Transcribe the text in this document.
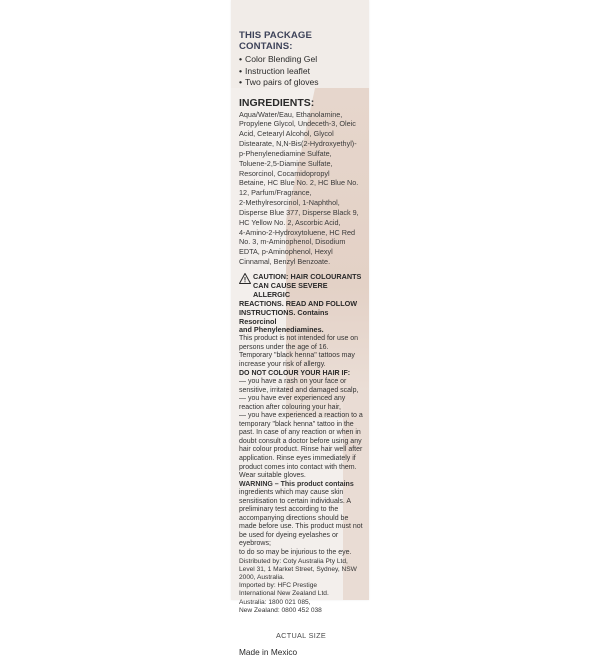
THIS PACKAGE
CONTAINS:
• Color Blending Gel
• Instruction leaflet
• Two pairs of gloves
INGREDIENTS:
Aqua/Water/Eau, Ethanolamine,
Propylene Glycol, Undeceth-3, Oleic
Acid, Cetearyl Alcohol, Glycol
Distearate, N,N-Bis(2-Hydroxyethyl)-
p-Phenylenediamine Sulfate,
Toluene-2,5-Diamine Sulfate,
Resorcinol, Cocamidopropyl
Betaine, HC Blue No. 2, HC Blue No.
12, Parfum/Fragrance,
2-Methylresorcinol, 1-Naphthol,
Disperse Blue 377, Disperse Black 9,
HC Yellow No. 2, Ascorbic Acid,
4-Amino-2-Hydroxytoluene, HC Red
No. 3, m-Aminophenol, Disodium
EDTA, p-Aminophenol, Hexyl
Cinnamal, Benzyl Benzoate.
CAUTION: HAIR COLOURANTS
CAN CAUSE SEVERE ALLERGIC
REACTIONS. READ AND FOLLOW
INSTRUCTIONS. Contains Resorcinol
and Phenylenediamines.
This product is not intended for use on
persons under the age of 16.
Temporary "black henna" tattoos may
increase your risk of allergy.
DO NOT COLOUR YOUR HAIR IF:
— you have a rash on your face or
sensitive, irritated and damaged scalp,
— you have ever experienced any
reaction after colouring your hair,
— you have experienced a reaction to a
temporary "black henna" tattoo in the
past. In case of any reaction or when in
doubt consult a doctor before using any
hair colour product. Rinse hair well after
application. Rinse eyes immediately if
product comes into contact with them.
Wear suitable gloves.
WARNING – This product contains
ingredients which may cause skin
sensitisation to certain individuals. A
preliminary test according to the
accompanying directions should be
made before use. This product must not
be used for dyeing eyelashes or eyebrows;
to do so may be injurious to the eye.
Distributed by: Coty Australia Pty Ltd,
Level 31, 1 Market Street, Sydney, NSW
2000, Australia.
Imported by: HFC Prestige
International New Zealand Ltd.
Australia: 1800 021 085,
New Zealand: 0800 452 038
ACTUAL SIZE
Made in Mexico
